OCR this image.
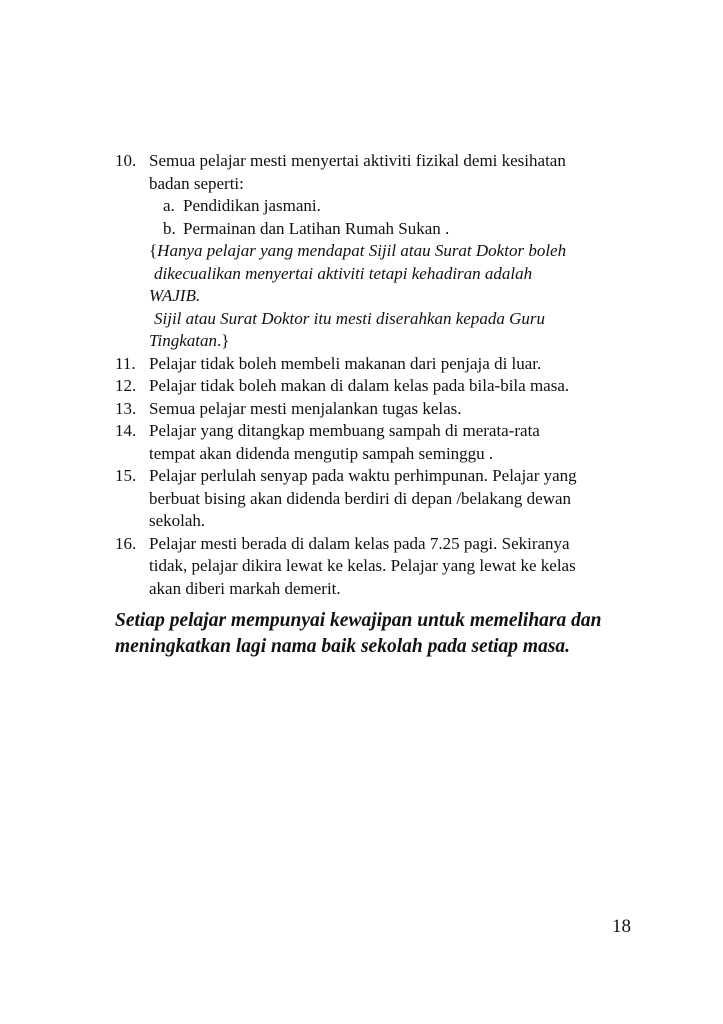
10. Semua pelajar mesti menyertai aktiviti fizikal demi kesihatan
badan seperti:
a. Pendidikan jasmani.
b. Permainan dan Latihan Rumah Sukan .
{Hanya pelajar yang mendapat Sijil atau Surat Doktor boleh
dikecualikan menyertai aktiviti tetapi kehadiran adalah
WAJIB.
Sijil atau Surat Doktor itu mesti diserahkan kepada Guru
Tingkatan.}
11. Pelajar tidak boleh membeli makanan dari penjaja di luar.
12. Pelajar tidak boleh makan di dalam kelas pada bila-bila masa.
13. Semua pelajar mesti menjalankan tugas kelas.
14. Pelajar yang ditangkap membuang sampah di merata-rata
tempat akan didenda mengutip sampah seminggu .
15. Pelajar perlulah senyap pada waktu perhimpunan. Pelajar yang
berbuat bising akan didenda berdiri di depan /belakang dewan
sekolah.
16. Pelajar mesti berada di dalam kelas pada 7.25 pagi. Sekiranya
tidak, pelajar dikira lewat ke kelas. Pelajar yang lewat ke kelas
akan diberi markah demerit.
Setiap pelajar mempunyai kewajipan untuk memelihara dan
meningkatkan lagi nama baik sekolah pada setiap masa.
18
